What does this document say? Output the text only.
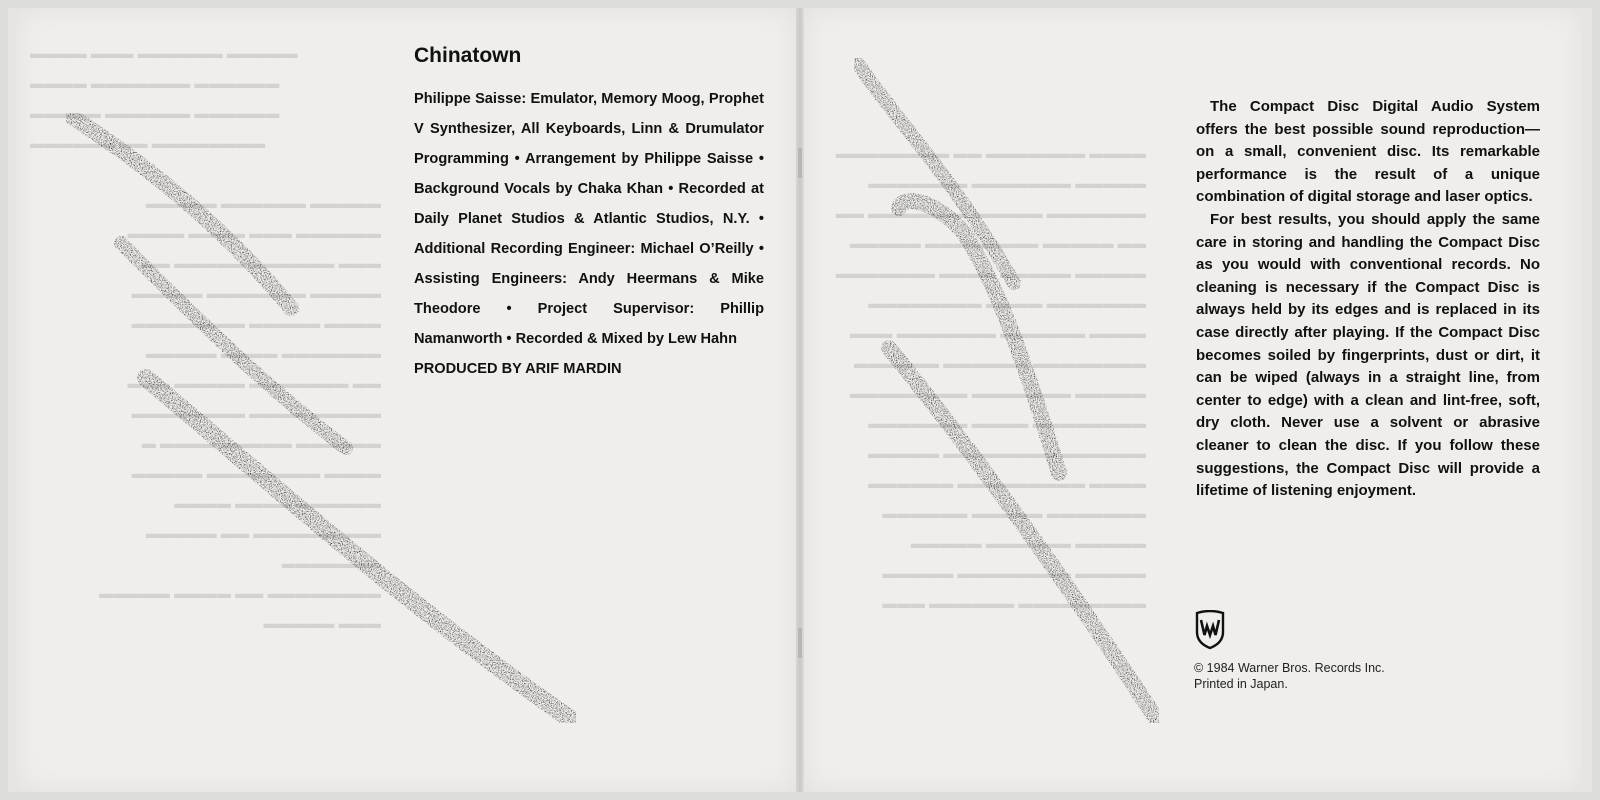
▬▬▬▬ ▬▬▬ ▬▬▬▬▬▬ ▬▬▬▬▬
▬▬▬▬ ▬▬▬▬▬▬▬ ▬▬▬▬▬▬
▬▬▬▬▬ ▬▬▬▬▬▬ ▬▬▬▬▬▬
▬▬▬▬▬▬ ▬▬ ▬▬▬▬▬▬▬▬
▬▬▬▬▬ ▬▬▬▬▬▬ ▬▬▬▬▬
▬▬▬▬▬▬ ▬▬▬ ▬▬▬▬ ▬▬▬▬
▬▬▬ ▬▬▬▬▬▬ ▬▬▬▬▬ ▬▬
▬▬▬▬▬ ▬▬▬▬▬▬▬ ▬▬▬▬▬
▬▬▬▬ ▬▬▬▬▬ ▬▬▬▬▬▬▬▬
▬▬▬▬▬▬▬ ▬▬▬▬ ▬▬▬▬▬
▬▬ ▬▬▬▬▬▬▬ ▬▬▬▬▬ ▬▬▬
▬▬▬▬▬ ▬▬▬▬ ▬▬▬▬▬▬▬▬
▬▬▬▬▬▬ ▬▬▬▬▬ ▬▬▬▬ ▬
▬▬▬▬ ▬▬▬▬▬▬▬▬ ▬▬▬▬▬
▬▬▬▬▬▬ ▬▬▬▬ ▬▬▬▬
▬▬▬▬▬▬▬▬▬ ▬▬ ▬▬▬▬▬
▬▬▬▬▬▬▬
▬▬▬▬▬▬▬▬ ▬▬ ▬▬▬▬ ▬▬▬▬▬
▬▬▬ ▬▬▬▬▬
Chinatown

Philippe Saisse: Emulator, Memory Moog, Prophet V Synthesizer, All Keyboards, Linn & Drumulator Programming • Arrangement by Philippe Saisse • Background Vocals by Chaka Khan • Recorded at Daily Planet Studios & Atlantic Studios, N.Y. • Additional Recording Engineer: Michael O’Reilly • Assisting Engineers: Andy Heermans & Mike Theodore • Project Supervisor: Phillip Namanworth • Recorded & Mixed by Lew Hahn

PRODUCED BY ARIF MARDIN
▬▬▬▬ ▬▬▬▬▬▬▬ ▬▬ ▬▬▬▬▬▬▬▬
▬▬▬▬▬ ▬▬▬▬▬▬▬ ▬▬▬▬▬▬▬
▬▬▬▬▬▬▬ ▬▬▬▬▬ ▬▬▬▬▬▬▬ ▬▬
▬▬ ▬▬▬▬▬ ▬▬▬▬▬▬▬▬ ▬▬▬▬▬
▬▬▬▬▬ ▬▬▬▬▬ ▬▬▬▬ ▬▬▬▬▬▬▬
▬▬▬▬▬▬▬ ▬▬▬▬ ▬▬▬▬▬▬▬▬
▬▬▬▬ ▬▬▬▬▬▬ ▬▬▬▬▬▬▬ ▬▬▬
▬▬▬▬▬▬▬▬ ▬▬▬▬▬▬ ▬▬▬▬▬▬
▬▬▬▬▬ ▬▬▬▬▬▬▬ ▬▬▬ ▬▬▬▬▬
▬▬▬▬▬▬▬▬ ▬▬▬▬ ▬▬▬▬▬▬▬
▬▬▬▬▬▬ ▬▬▬▬▬▬▬▬ ▬▬▬▬▬
▬▬▬▬ ▬▬▬▬▬▬▬▬▬ ▬▬▬▬▬▬
▬▬▬▬▬▬▬ ▬▬▬▬▬ ▬▬▬▬▬▬
▬▬▬▬▬ ▬▬▬▬▬▬ ▬▬▬▬▬
▬▬▬▬▬ ▬▬▬▬▬▬▬▬ ▬▬▬▬▬
▬▬▬▬▬▬▬▬▬ ▬▬▬▬▬▬ ▬▬▬

The Compact Disc Digital Audio System offers the best possible sound reproduction—on a small, convenient disc. Its remarkable performance is the result of a unique combination of digital storage and laser optics.

For best results, you should apply the same care in storing and handling the Compact Disc as you would with conventional records. No cleaning is necessary if the Compact Disc is always held by its edges and is replaced in its case directly after playing. If the Compact Disc becomes soiled by fingerprints, dust or dirt, it can be wiped (always in a straight line, from center to edge) with a clean and lint-free, soft, dry cloth. Never use a solvent or abrasive cleaner to clean the disc. If you follow these suggestions, the Compact Disc will provide a lifetime of listening enjoyment.

© 1984 Warner Bros. Records Inc.
Printed in Japan.
